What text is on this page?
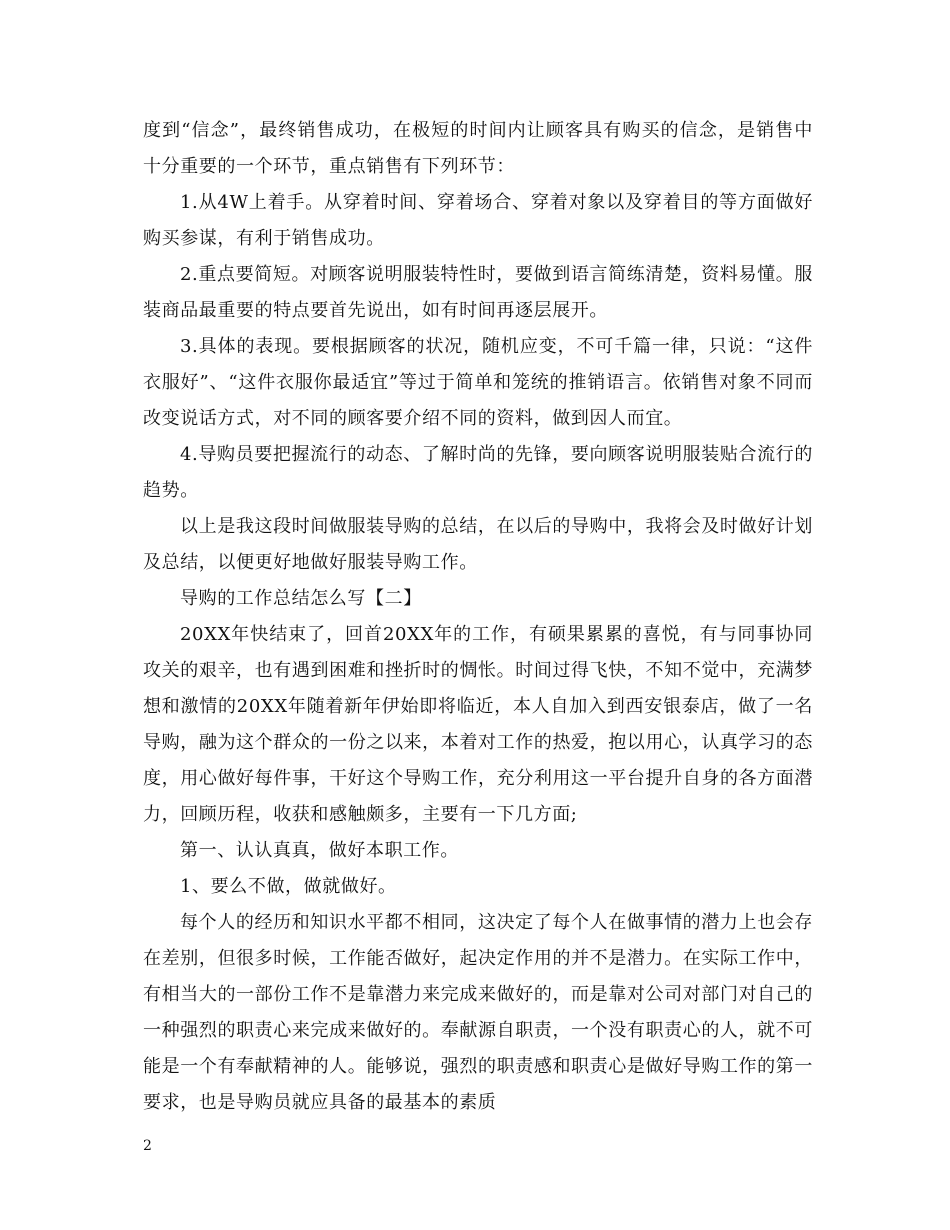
度到“信念”，最终销售成功，在极短的时间内让顾客具有购买的信念，是销售中十分重要的一个环节，重点销售有下列环节：

1.从4W上着手。从穿着时间、穿着场合、穿着对象以及穿着目的等方面做好购买参谋，有利于销售成功。

2.重点要简短。对顾客说明服装特性时，要做到语言简练清楚，资料易懂。服装商品最重要的特点要首先说出，如有时间再逐层展开。

3.具体的表现。要根据顾客的状况，随机应变，不可千篇一律，只说：“这件衣服好”、“这件衣服你最适宜”等过于简单和笼统的推销语言。依销售对象不同而改变说话方式，对不同的顾客要介绍不同的资料，做到因人而宜。

4.导购员要把握流行的动态、了解时尚的先锋，要向顾客说明服装贴合流行的趋势。

以上是我这段时间做服装导购的总结，在以后的导购中，我将会及时做好计划及总结，以便更好地做好服装导购工作。

导购的工作总结怎么写【二】

20XX年快结束了，回首20XX年的工作，有硕果累累的喜悦，有与同事协同攻关的艰辛，也有遇到困难和挫折时的惆怅。时间过得飞快，不知不觉中，充满梦想和激情的20XX年随着新年伊始即将临近，本人自加入到西安银泰店，做了一名导购，融为这个群众的一份之以来，本着对工作的热爱，抱以用心，认真学习的态度，用心做好每件事，干好这个导购工作，充分利用这一平台提升自身的各方面潜力，回顾历程，收获和感触颇多，主要有一下几方面;

第一、认认真真，做好本职工作。

1、要么不做，做就做好。

每个人的经历和知识水平都不相同，这决定了每个人在做事情的潜力上也会存在差别，但很多时候，工作能否做好，起决定作用的并不是潜力。在实际工作中，有相当大的一部份工作不是靠潜力来完成来做好的，而是靠对公司对部门对自己的一种强烈的职责心来完成来做好的。奉献源自职责，一个没有职责心的人，就不可能是一个有奉献精神的人。能够说，强烈的职责感和职责心是做好导购工作的第一要求，也是导购员就应具备的最基本的素质

2
